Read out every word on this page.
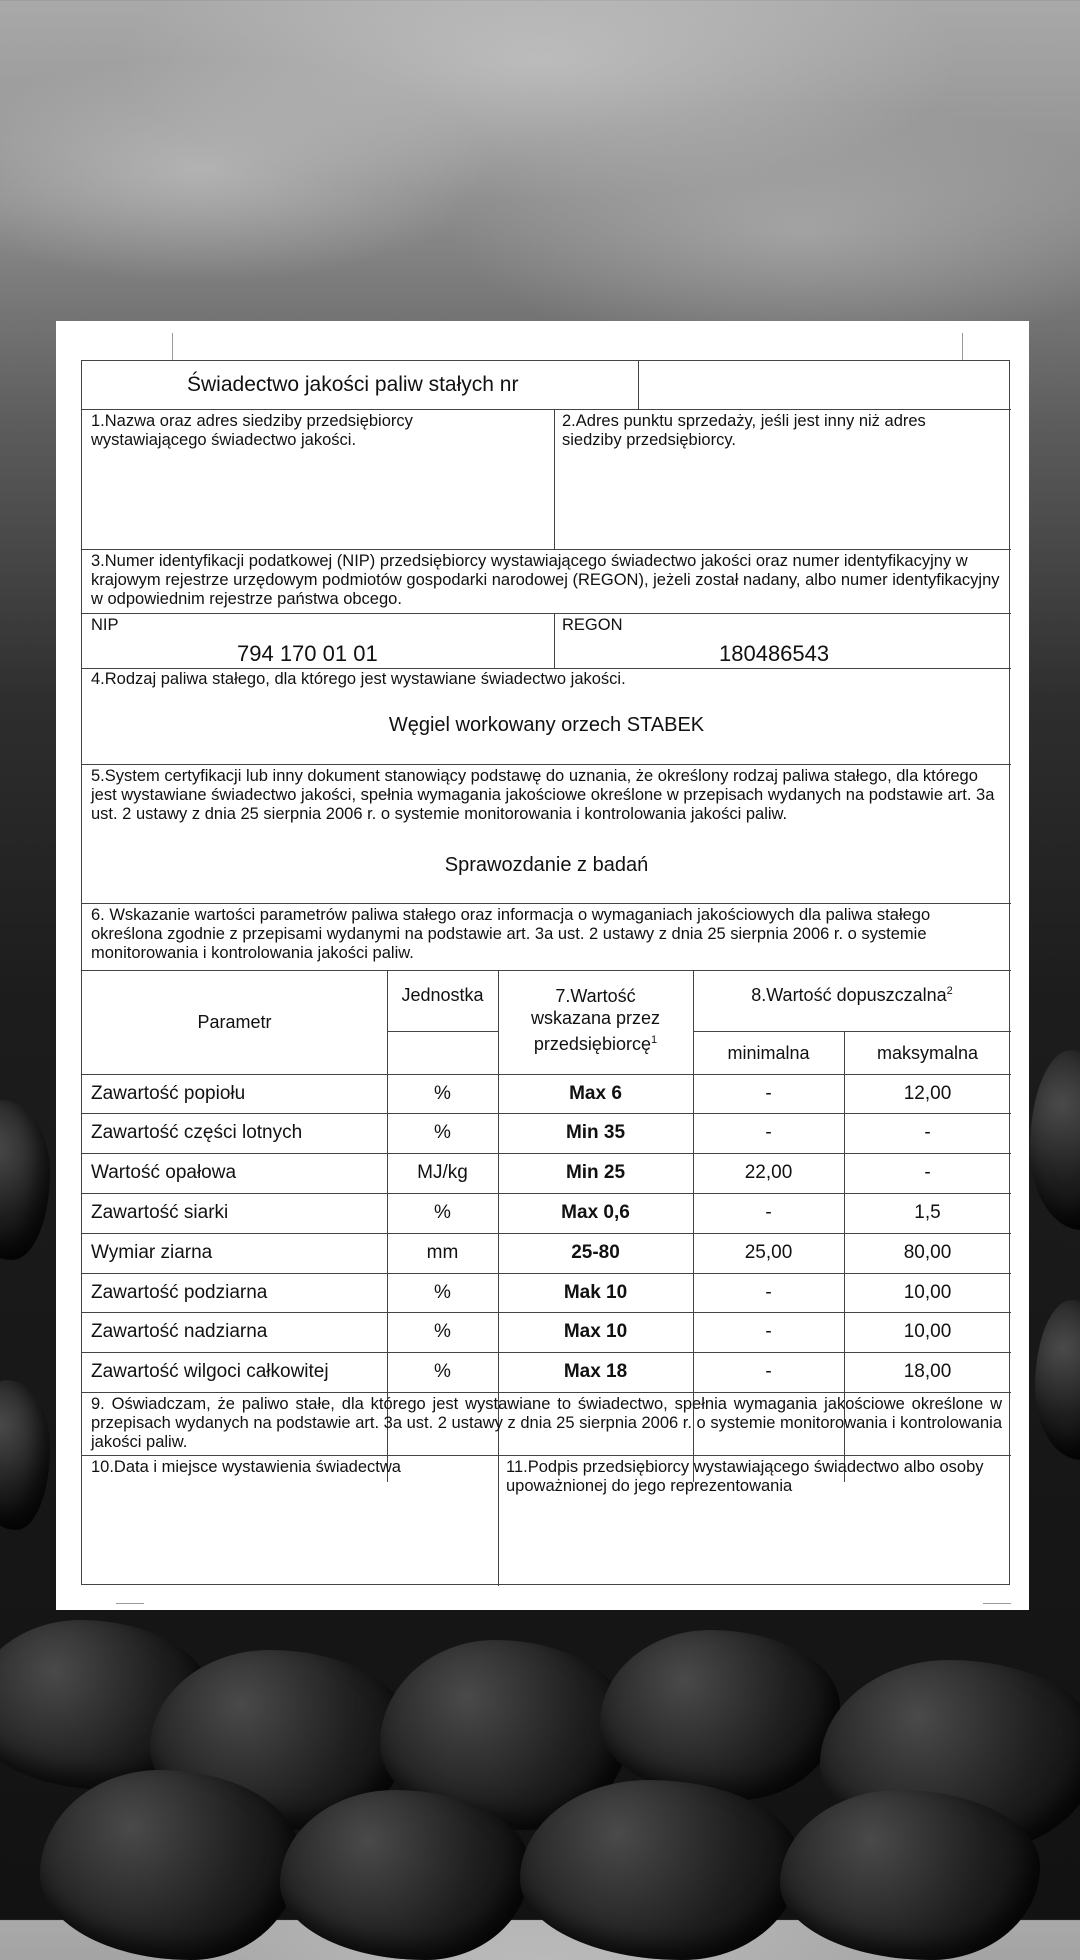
Świadectwo jakości paliw stałych nr
1.Nazwa oraz adres siedziby przedsiębiorcy wystawiającego świadectwo jakości.
2.Adres punktu sprzedaży, jeśli jest inny niż adres siedziby przedsiębiorcy.
3.Numer identyfikacji podatkowej (NIP) przedsiębiorcy wystawiającego świadectwo jakości oraz numer identyfikacyjny w krajowym rejestrze urzędowym podmiotów gospodarki narodowej (REGON), jeżeli został nadany, albo numer identyfikacyjny w odpowiednim rejestrze państwa obcego.
NIP
794 170 01 01
REGON
180486543
4.Rodzaj paliwa stałego, dla którego jest wystawiane świadectwo jakości.
Węgiel workowany orzech STABEK
5.System certyfikacji lub inny dokument stanowiący podstawę do uznania, że określony rodzaj paliwa stałego, dla którego jest wystawiane świadectwo jakości, spełnia wymagania jakościowe określone w przepisach wydanych na podstawie art. 3a ust. 2 ustawy z dnia 25 sierpnia 2006 r. o systemie monitorowania i kontrolowania jakości paliw.
Sprawozdanie z badań
6. Wskazanie wartości parametrów paliwa stałego oraz informacja o wymaganiach jakościowych dla paliwa stałego określona zgodnie z przepisami wydanymi na podstawie art. 3a ust. 2 ustawy z dnia 25 sierpnia 2006 r. o systemie monitorowania i kontrolowania jakości paliw.
Parametr
Jednostka	7.Wartość
wskazana przez
przedsiębiorcę$^1$
8.Wartość dopuszczalna$^2$
minimalna	maksymalna
Zawartość popiołu	%	Max 6	-	12,00
Zawartość części lotnych	%	Min 35	-	-
Wartość opałowa	MJ/kg	Min 25	22,00	-
Zawartość siarki	%	Max 0,6	-	1,5
Wymiar ziarna	mm	25-80	25,00	80,00
Zawartość podziarna	%	Mak 10	-	10,00
Zawartość nadziarna	%	Max 10	-	10,00
Zawartość wilgoci całkowitej	%	Max 18	-	18,00
9. Oświadczam, że paliwo stałe, dla którego jest wystawiane to świadectwo, spełnia wymagania jakościowe określone w przepisach wydanych na podstawie art. 3a ust. 2 ustawy z dnia 25 sierpnia 2006 r. o systemie monitorowania i kontrolowania jakości paliw.
10.Data i miejsce wystawienia świadectwa	11.Podpis przedsiębiorcy wystawiającego świadectwo albo osoby upoważnionej do jego reprezentowania
